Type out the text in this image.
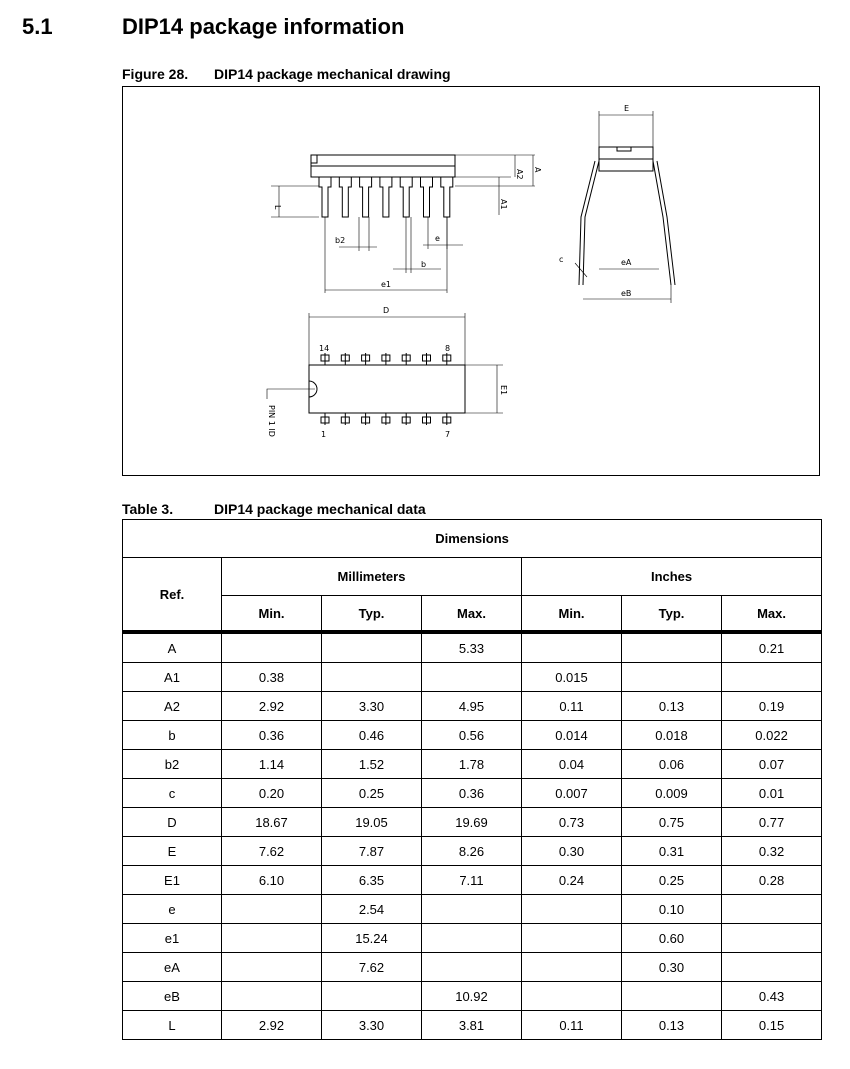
5.1	DIP14 package information
Figure 28. DIP14 package mechanical drawing
A2 A
A1
L
b2
b
e
e1
E
c	eA
eB
D
E1
14	8
1	7
PIN 1 ID
Table 3.	DIP14 package mechanical data
Dimensions						
Ref.	Millimeters			Inches		
	Min.	Typ.	Max.	Min.	Typ.	Max.
A			5.33			0.21
A1	0.38			0.015		
A2	2.92	3.30	4.95	0.11	0.13	0.19
b	0.36	0.46	0.56	0.014	0.018	0.022
b2	1.14	1.52	1.78	0.04	0.06	0.07
c	0.20	0.25	0.36	0.007	0.009	0.01
D	18.67	19.05	19.69	0.73	0.75	0.77
E	7.62	7.87	8.26	0.30	0.31	0.32
E1	6.10	6.35	7.11	0.24	0.25	0.28
e		2.54			0.10	
e1		15.24			0.60	
eA		7.62			0.30	
eB			10.92			0.43
L	2.92	3.30	3.81	0.11	0.13	0.15
